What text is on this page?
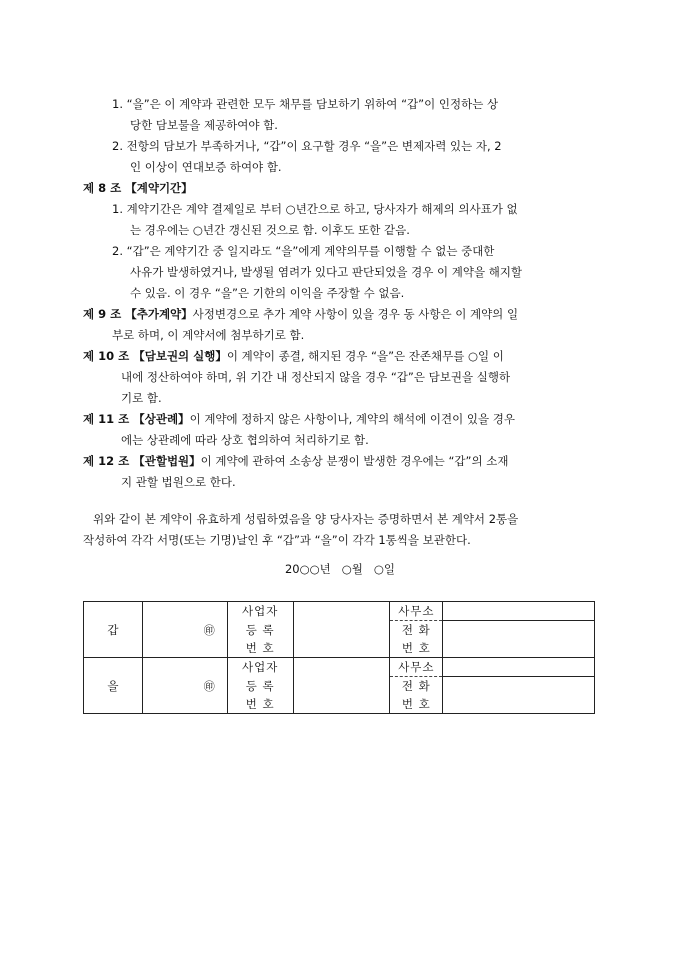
1. “을”은 이 계약과 관련한 모두 채무를 담보하기 위하여 “갑”이 인정하는 상
당한 담보물을 제공하여야 함.
2. 전항의 담보가 부족하거나, “갑”이 요구할 경우 “을”은 변제자력 있는 자, 2
인 이상이 연대보증 하여야 함.
제 8 조 【계약기간】
1. 계약기간은 계약 결제일로 부터 ○년간으로 하고, 당사자가 해제의 의사표가 없
는 경우에는 ○년간 갱신된 것으로 함. 이후도 또한 같음.
2. “갑”은 계약기간 중 일지라도 “을”에게 계약의무를 이행할 수 없는 중대한
사유가 발생하였거나, 발생될 염려가 있다고 판단되었을 경우 이 계약을 해지할
수 있음. 이 경우 “을”은 기한의 이익을 주장할 수 없음.
제 9 조 【추가계약】사정변경으로 추가 계약 사항이 있을 경우 동 사항은 이 계약의 일
부로 하며, 이 계약서에 첨부하기로 함.
제 10 조 【담보권의 실행】이 계약이 종결, 해지된 경우 “을”은 잔존채무를 ○일 이
내에 정산하여야 하며, 위 기간 내 정산되지 않을 경우 “갑”은 담보권을 실행하
기로 함.
제 11 조 【상관례】이 계약에 정하지 않은 사항이나, 계약의 해석에 이견이 있을 경우
에는 상관례에 따라 상호 협의하여 처리하기로 함.
제 12 조 【관할법원】이 계약에 관하여 소송상 분쟁이 발생한 경우에는 “갑”의 소재
지 관할 법원으로 한다.
위와 같이 본 계약이 유효하게 성립하였음을 양 당사자는 증명하면서 본 계약서 2통을
작성하여 각각 서명(또는 기명)날인 후 “갑”과 “을”이 각각 1통씩을 보관한다.
20○○년   ○월   ○일
갑	㊞	사업자		사무소	
		등 록		전 화	
		번 호		번 호	
을	㊞	사업자		사무소	
		등 록		전 화	
		번 호		번 호	
